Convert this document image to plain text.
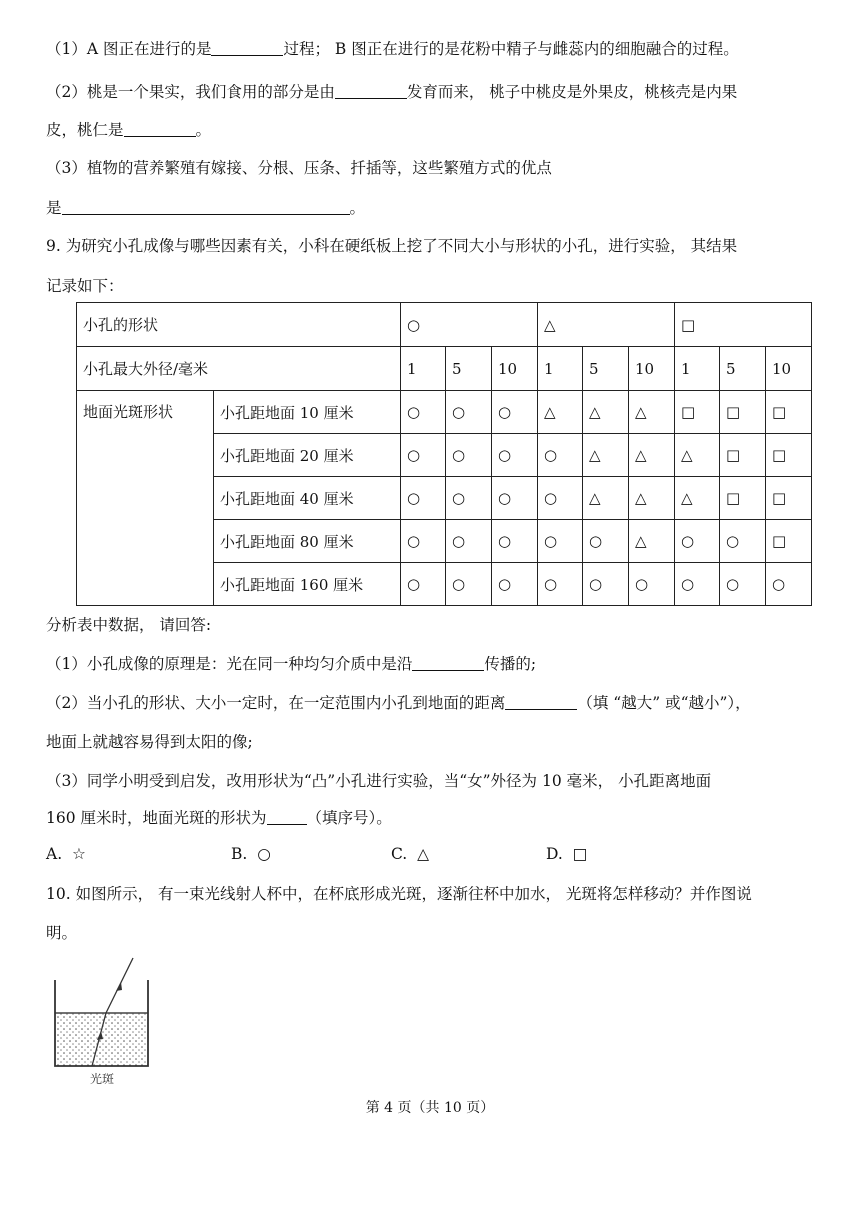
（1）A 图正在进行的是	过程； B 图正在进行的是花粉中精子与雌蕊内的细胞融合的过程。
（2）桃是一个果实，我们食用的部分是由	发育而来， 桃子中桃皮是外果皮，桃核壳是内果
皮，桃仁是	。
（3）植物的营养繁殖有嫁接、分根、压条、扦插等，这些繁殖方式的优点
是	。
9. 为研究小孔成像与哪些因素有关，小科在硬纸板上挖了不同大小与形状的小孔，进行实验， 其结果
记录如下：
小孔的形状		○			△			□		
小孔最大外径/毫米		1	5	10	1	5	10	1	5	10
地面光斑形状	小孔距地面 10 厘米	○	○	○	△	△	△	□	□	□
	小孔距地面 20 厘米	○	○	○	○	△	△	△	□	□
	小孔距地面 40 厘米	○	○	○	○	△	△	△	□	□
	小孔距地面 80 厘米	○	○	○	○	○	△	○	○	□
	小孔距地面 160 厘米	○	○	○	○	○	○	○	○	○
分析表中数据， 请回答:
（1）小孔成像的原理是：光在同一种均匀介质中是沿	传播的;
（2）当小孔的形状、大小一定时，在一定范围内小孔到地面的距离	（填 “越大” 或“越小”），
地面上就越容易得到太阳的像;
（3）同学小明受到启发，改用形状为“凸”小孔进行实验，当“女”外径为 10 毫米， 小孔距离地面
160 厘米时，地面光斑的形状为	（填序号）。
A. ☆	B. ○	C. △	D. □
10. 如图所示， 有一束光线射人杯中，在杯底形成光斑，逐渐往杯中加水， 光斑将怎样移动？并作图说
明。
光斑
第 4 页（共 10 页）
